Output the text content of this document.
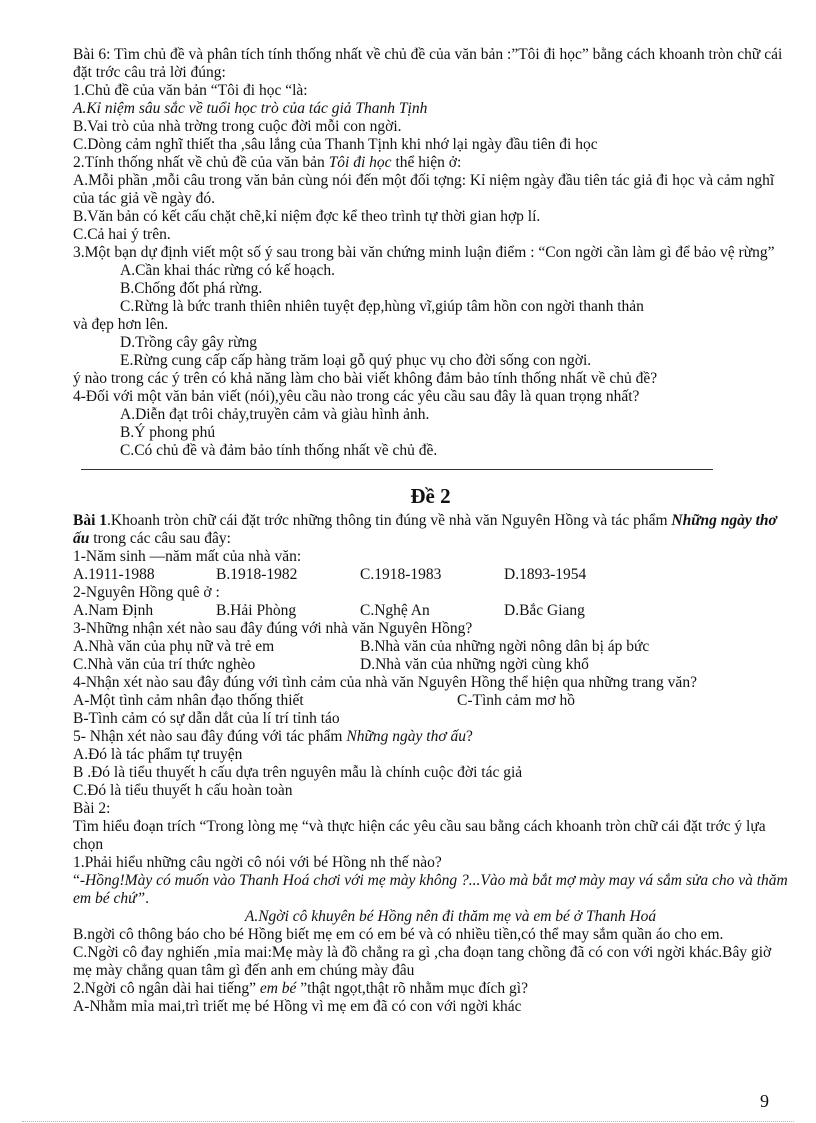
Bài 6: Tìm chủ đề và phân tích tính thống nhất về chủ đề của văn bản :”Tôi đi học” bằng cách khoanh tròn chữ cái đặt trớc câu trả lời đúng:
1.Chủ đề của văn bản “Tôi đi học “là:
A.Kỉ niệm sâu sắc về tuổi học trò của tác giả Thanh Tịnh
B.Vai trò của nhà trờng trong cuộc đời mỗi con ngời.
C.Dòng cảm nghĩ thiết tha ,sâu lắng của Thanh Tịnh khi nhớ lại ngày đầu tiên đi học
2.Tính thống nhất về chủ đề của văn bản Tôi đi học thể hiện ở:
A.Mỗi phần ,mỗi câu trong văn bản cùng nói đến một đối tợng: Kỉ niệm ngày đầu tiên tác giả đi học và cảm nghĩ của tác giả về ngày đó.
B.Văn bản có kết cấu chặt chẽ,kỉ niệm đợc kể theo trình tự thời gian hợp lí.
C.Cả hai ý trên.
3.Một bạn dự định viết một số ý sau trong bài văn chứng minh luận điểm : “Con ngời cần làm gì để bảo vệ rừng”
A.Cần khai thác rừng có kế hoạch.
B.Chống đốt phá rừng.
C.Rừng là bức tranh thiên nhiên tuyệt đẹp,hùng vĩ,giúp tâm hồn con ngời thanh thản
và đẹp hơn lên.
D.Trồng cây gây rừng
E.Rừng cung cấp cấp hàng trăm loại gỗ quý phục vụ cho đời sống con ngời.
ý nào trong các ý trên có khả năng làm cho bài viết không đảm bảo tính thống nhất về chủ đề?
4-Đối với một văn bản viết (nói),yêu cầu nào trong các yêu cầu sau đây là quan trọng nhất?
A.Diễn đạt trôi chảy,truyền cảm và giàu hình ảnh.
B.Ý phong phú
C.Có chủ đề và đảm bảo tính thống nhất về chủ đề.
Đề 2
Bài 1.Khoanh tròn chữ cái đặt trớc những thông tin đúng về nhà văn Nguyên Hồng và tác phẩm Những ngày thơ ấu trong các câu sau đây:
1-Năm sinh —năm mất của nhà văn:
A.1911-1988	B.1918-1982	C.1918-1983	D.1893-1954
2-Nguyên Hồng quê ở :
A.Nam Định	B.Hải Phòng	C.Nghệ An	D.Bắc Giang
3-Những nhận xét nào sau đây đúng với nhà văn Nguyên Hồng?
A.Nhà văn của phụ nữ và trẻ em	B.Nhà văn của những ngời nông dân bị áp bức
C.Nhà văn của trí thức nghèo	D.Nhà văn của những ngời cùng khổ
4-Nhận xét nào sau đây đúng với tình cảm của nhà văn Nguyên Hồng thể hiện qua những trang văn?
A-Một tình cảm nhân đạo thống thiết	C-Tình cảm mơ hồ
B-Tình cảm có sự dẫn dắt của lí trí tỉnh táo
5- Nhận xét nào sau đây đúng với tác phẩm Những ngày thơ ấu?
A.Đó là tác phẩm tự truyện
B .Đó là tiểu thuyết h cấu dựa trên nguyên mẫu là chính cuộc đời tác giả
C.Đó là tiểu thuyết h cấu hoàn toàn
Bài 2:
Tìm hiểu đoạn trích “Trong lòng mẹ “và thực hiện các yêu cầu sau bằng cách khoanh tròn chữ cái đặt trớc ý lựa chọn
1.Phải hiểu những câu ngời cô nói với bé Hồng nh thế nào?
“-Hồng!Mày có muốn vào Thanh Hoá chơi với mẹ mày không ?...Vào mà bắt mợ mày may vá sắm sửa cho và thăm em bé chứ”.
A.Ngời cô khuyên bé Hồng nên đi thăm mẹ và em bé ở Thanh Hoá
B.ngời cô thông báo cho bé Hồng biết mẹ em có em bé và có nhiều tiền,có thể may sắm quần áo cho em.
C.Ngời cô đay nghiến ,mỉa mai:Mẹ mày là đồ chẳng ra gì ,cha đoạn tang chồng đã có con với ngời khác.Bây giờ mẹ mày chẳng quan tâm gì đến anh em chúng mày đâu
2.Ngời cô ngân dài hai tiếng” em bé ”thật ngọt,thật rõ nhằm mục đích gì?
A-Nhằm mỉa mai,trì triết mẹ bé Hồng vì mẹ em đã có con với ngời khác
9
